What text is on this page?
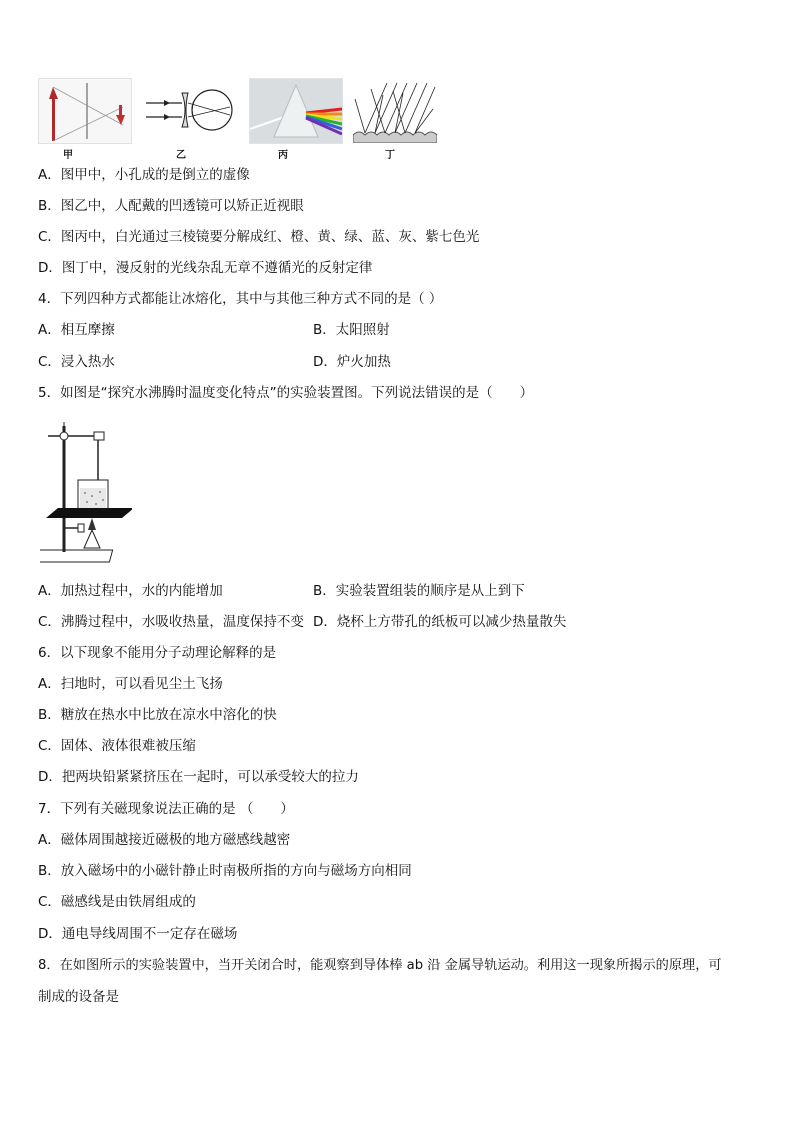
甲	乙	丙	丁
A．图甲中，小孔成的是倒立的虚像
B．图乙中，人配戴的凹透镜可以矫正近视眼
C．图丙中，白光通过三棱镜要分解成红、橙、黄、绿、蓝、灰、紫七色光
D．图丁中，漫反射的光线杂乱无章不遵循光的反射定律
4．下列四种方式都能让冰熔化，其中与其他三种方式不同的是（ ）
A．相互摩擦	B．太阳照射
C．浸入热水	D．炉火加热
5．如图是“探究水沸腾时温度变化特点”的实验装置图。下列说法错误的是（　　）
A．加热过程中，水的内能增加	B．实验装置组装的顺序是从上到下
C．沸腾过程中，水吸收热量，温度保持不变 D．烧杯上方带孔的纸板可以减少热量散失
6．以下现象不能用分子动理论解释的是
A．扫地时，可以看见尘土飞扬
B．糖放在热水中比放在凉水中溶化的快
C．固体、液体很难被压缩
D．把两块铅紧紧挤压在一起时，可以承受较大的拉力
7．下列有关磁现象说法正确的是 （　　）
A．磁体周围越接近磁极的地方磁感线越密
B．放入磁场中的小磁针静止时南极所指的方向与磁场方向相同
C．磁感线是由铁屑组成的
D．通电导线周围不一定存在磁场
8．在如图所示的实验装置中，当开关闭合时，能观察到导体棒 ab 沿 金属导轨运动。利用这一现象所揭示的原理，可
制成的设备是
